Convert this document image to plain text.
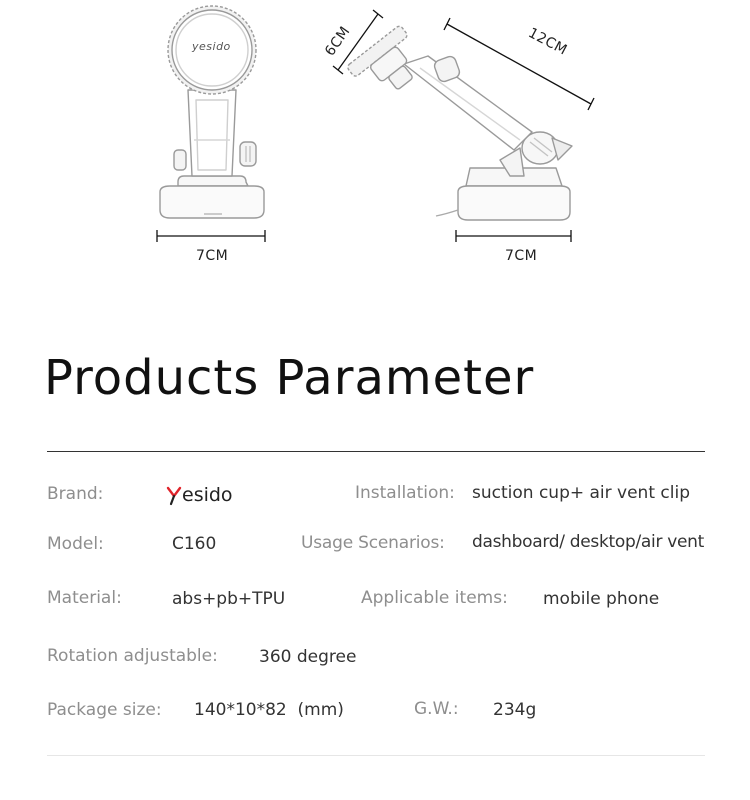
yesido
7CM	7CM
12CM
6CM
Products Parameter
Brand:	esido	Installation: suction cup+ air vent clip
Model:	C160	Usage Scenarios: dashboard/ desktop/air vent
Material:	abs+pb+TPU	Applicable items: mobile phone
Rotation adjustable: 360 degree
Package size: 140*10*82  (mm)	G.W.: 234g
